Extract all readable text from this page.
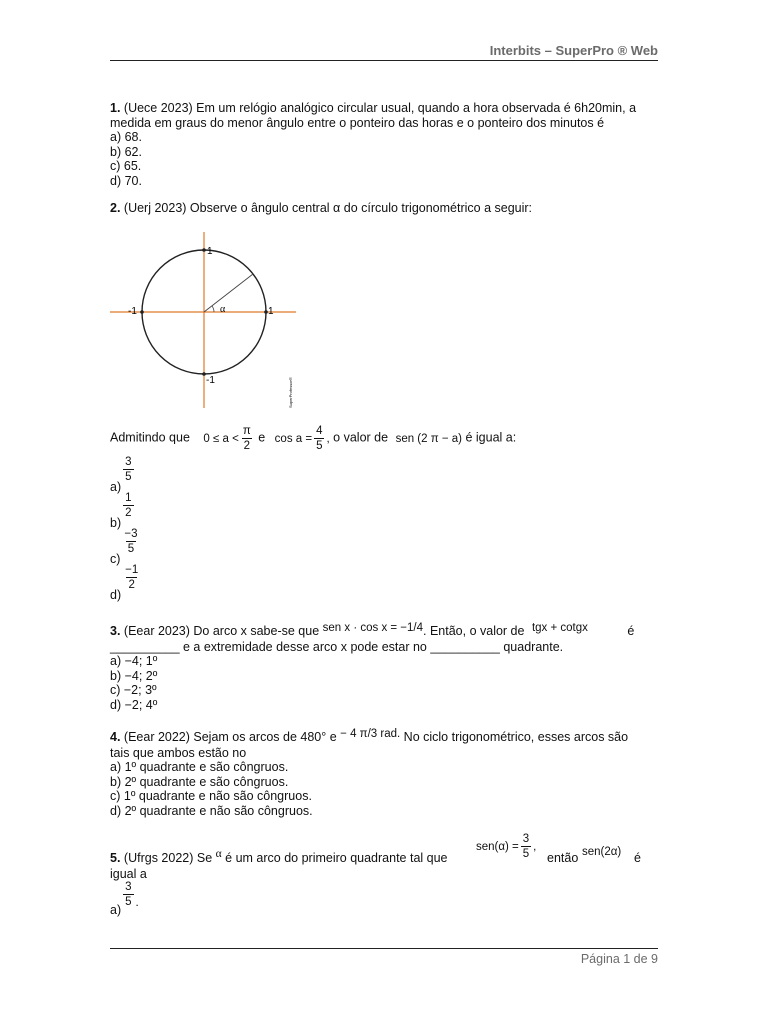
Interbits – SuperPro ® Web
1. (Uece 2023) Em um relógio analógico circular usual, quando a hora observada é 6h20min, a medida em graus do menor ângulo entre o ponteiro das horas e o ponteiro dos minutos é
a) 68.
b) 62.
c) 65.
d) 70.
2. (Uerj 2023) Observe o ângulo central α do círculo trigonométrico a seguir:
1
-1	1
-1
α
SuperProfessor®
Admitindo que $0 \le a < \frac{\pi}{2}$ e $\cos a = \frac{4}{5}$ , o valor de sen (2 π − a) é igual a:
a)
$\frac{3}{5}$
b)
$\frac{1}{2}$
c)
$\frac{-3}{5}$
d)
$\frac{-1}{2}$
3. (Eear 2023) Do arco x sabe-se que sen x · cos x = −1/4. Então, o valor de tgx + cotgx	é
__________ e a extremidade desse arco x pode estar no __________ quadrante.
a) −4; 1º
b) −4; 2º
c) −2; 3º
d) −2; 4º
4. (Eear 2022) Sejam os arcos de 480° e − 4 π/3 rad. No ciclo trigonométrico, esses arcos são
tais que ambos estão no
a) 1º quadrante e são côngruos.
b) 2º quadrante e são côngruos.
c) 1º quadrante e não são côngruos.
d) 2º quadrante e não são côngruos.
5. (Ufrgs 2022) Se α é um arco do primeiro quadrante tal que
$sen(\alpha) = \frac{3}{5}$ ,
então sen(2α) é
igual a
a)
$\frac{3}{5}$ .
Página 1 de 9
